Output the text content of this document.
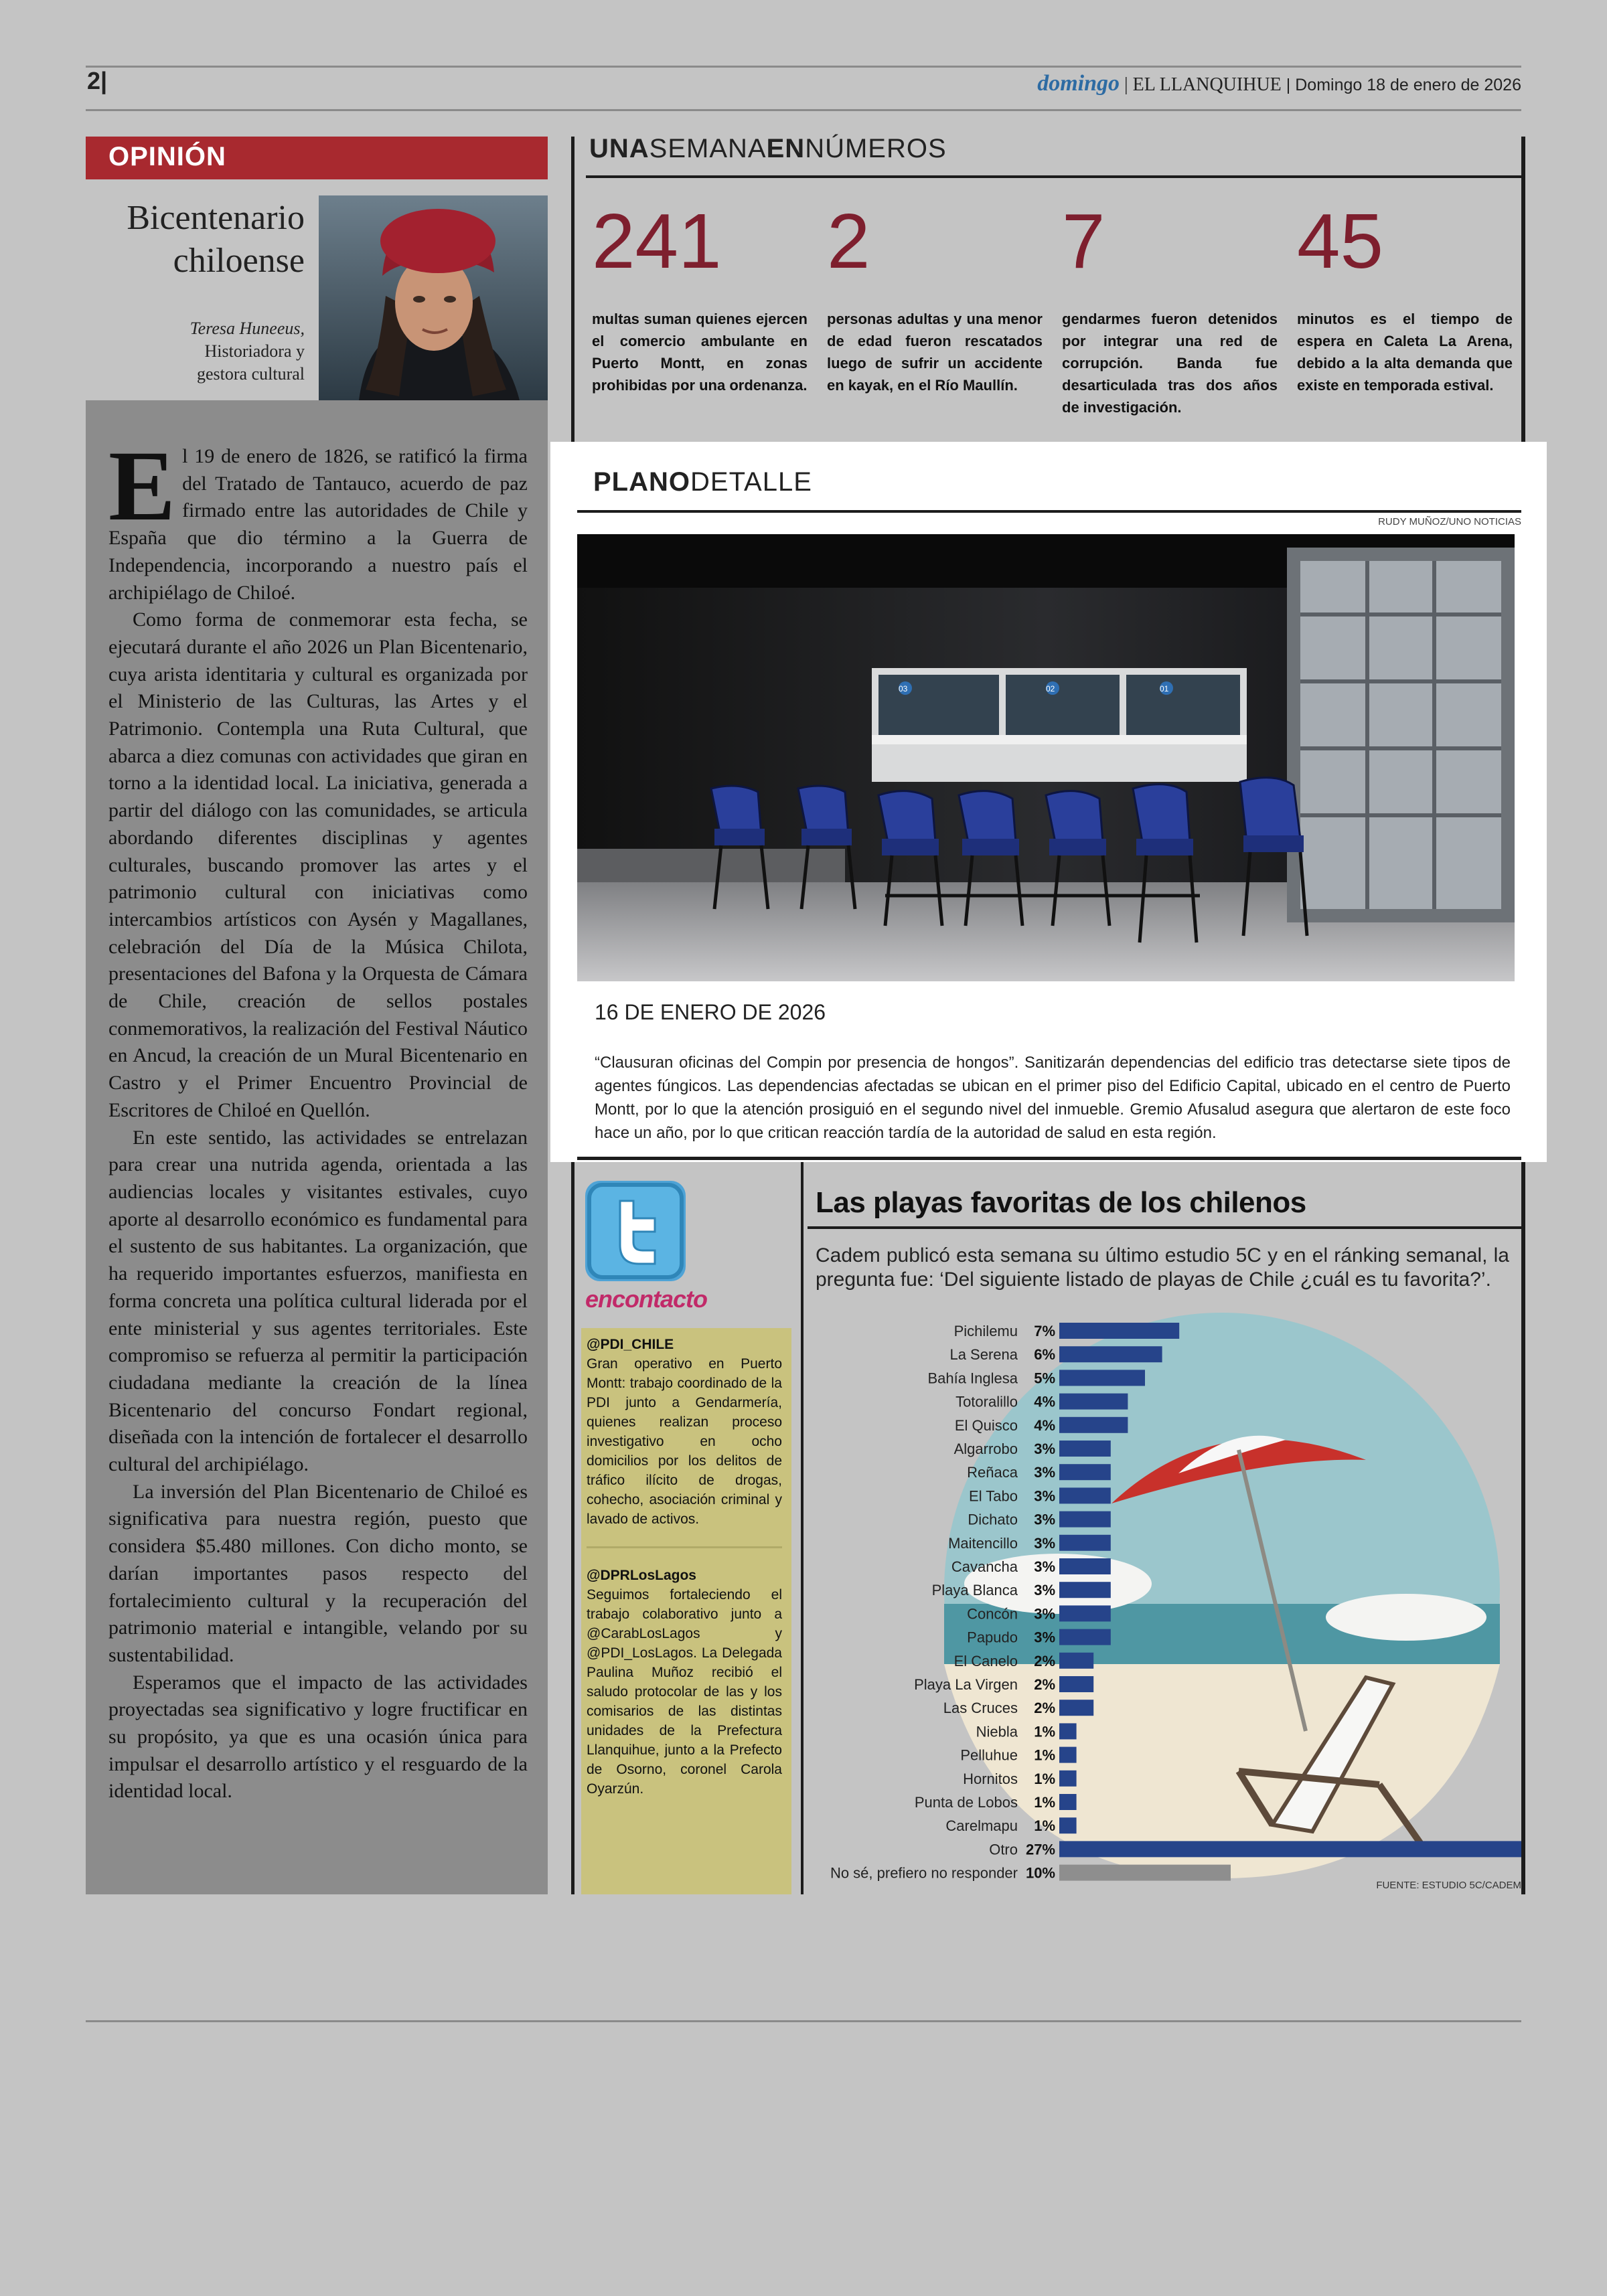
2|	domingo | EL LLANQUIHUE | Domingo 18 de enero de 2026
OPINIÓN
Bicentenario
chiloense
Teresa Huneeus,
Historiadora y
gestora cultural

El 19 de enero de 1826, se ratificó la firma del Tratado de Tantauco, acuerdo de paz firmado entre las autoridades de Chile y España que dio término a la Guerra de Independencia, incorporando a nuestro país el archipiélago de Chiloé.

Como forma de conmemorar esta fecha, se ejecutará durante el año 2026 un Plan Bicentenario, cuya arista identitaria y cultural es organizada por el Ministerio de las Culturas, las Artes y el Patrimonio. Contempla una Ruta Cultural, que abarca a diez comunas con actividades que giran en torno a la identidad local. La iniciativa, generada a partir del diálogo con las comunidades, se articula abordando diferentes disciplinas y agentes culturales, buscando promover las artes y el patrimonio cultural con iniciativas como intercambios artísticos con Aysén y Magallanes, celebración del Día de la Música Chilota, presentaciones del Bafona y la Orquesta de Cámara de Chile, creación de sellos postales conmemorativos, la realización del Festival Náutico en Ancud, la creación de un Mural Bicentenario en Castro y el Primer Encuentro Provincial de Escritores de Chiloé en Quellón.

En este sentido, las actividades se entrelazan para crear una nutrida agenda, orientada a las audiencias locales y visitantes estivales, cuyo aporte al desarrollo económico es fundamental para el sustento de sus habitantes. La organización, que ha requerido importantes esfuerzos, manifiesta en forma concreta una política cultural liderada por el ente ministerial y sus agentes territoriales. Este compromiso se refuerza al permitir la participación ciudadana mediante la creación de la línea Bicentenario del concurso Fondart regional, diseñada con la intención de fortalecer el desarrollo cultural del archipiélago.

La inversión del Plan Bicentenario de Chiloé es significativa para nuestra región, puesto que considera $5.480 millones. Con dicho monto, se darían importantes pasos respecto del fortalecimiento cultural y la recuperación del patrimonio material e intangible, velando por su sustentabilidad.

Esperamos que el impacto de las actividades proyectadas sea significativo y logre fructificar en su propósito, ya que es una ocasión única para impulsar el desarrollo artístico y el resguardo de la identidad local.

UNASEMANAENNÚMEROS
241
multas suman quienes ejercen el comercio ambulante en Puerto Montt, en zonas prohibidas por una ordenanza.
2
personas adultas y una menor de edad fueron rescatados luego de sufrir un accidente en kayak, en el Río Maullín.
7
gendarmes fueron detenidos por integrar una red de corrupción. Banda fue desarticulada tras dos años de investigación.
45
minutos es el tiempo de espera en Caleta La Arena, debido a la alta demanda que existe en temporada estival.
PLANODETALLE
RUDY MUÑOZ/UNO NOTICIAS
03	02	01
16 DE ENERO DE 2026
“Clausuran oficinas del Compin por presencia de hongos”. Sanitizarán dependencias del edificio tras detectarse siete tipos de agentes fúngicos. Las dependencias afectadas se ubican en el primer piso del Edificio Capital, ubicado en el centro de Puerto Montt, por lo que la atención prosiguió en el segundo nivel del inmueble. Gremio Afusalud asegura que alertaron de este foco hace un año, por lo que critican reacción tardía de la autoridad de salud en esta región.
encontacto
@PDI_CHILE
Gran operativo en Puerto Montt: trabajo coordinado de la PDI junto a Gendarmería, quienes realizan proceso investigativo en ocho domicilios por los delitos de tráfico ilícito de drogas, cohecho, asociación criminal y lavado de activos.
@DPRLosLagos
Seguimos fortaleciendo el trabajo colaborativo junto a @CarabLosLagos y @PDI_LosLagos. La Delegada Paulina Muñoz recibió el saludo protocolar de las y los comisarios de las distintas unidades de la Prefectura Llanquihue, junto a la Prefecto de Osorno, coronel Carola Oyarzún.
Las playas favoritas de los chilenos
Cadem publicó esta semana su último estudio 5C y en el ránking semanal, la pregunta fue: ‘Del siguiente listado de playas de Chile ¿cuál es tu favorita?’.
Pichilemu 7%
La Serena 6%
Bahía Inglesa 5%
Totoralillo 4%
El Quisco 4%
Algarrobo 3%
Reñaca 3%
El Tabo 3%
Dichato 3%
Maitencillo 3%
Cavancha 3%
Playa Blanca 3%
Concón 3%
Papudo 3%
El Canelo 2%
Playa La Virgen 2%
Las Cruces 2%
Niebla 1%
Pelluhue 1%
Hornitos 1%
Punta de Lobos 1%
Carelmapu 1%
Otro 27%
No sé, prefiero no responder 10%
FUENTE: ESTUDIO 5C/CADEM
